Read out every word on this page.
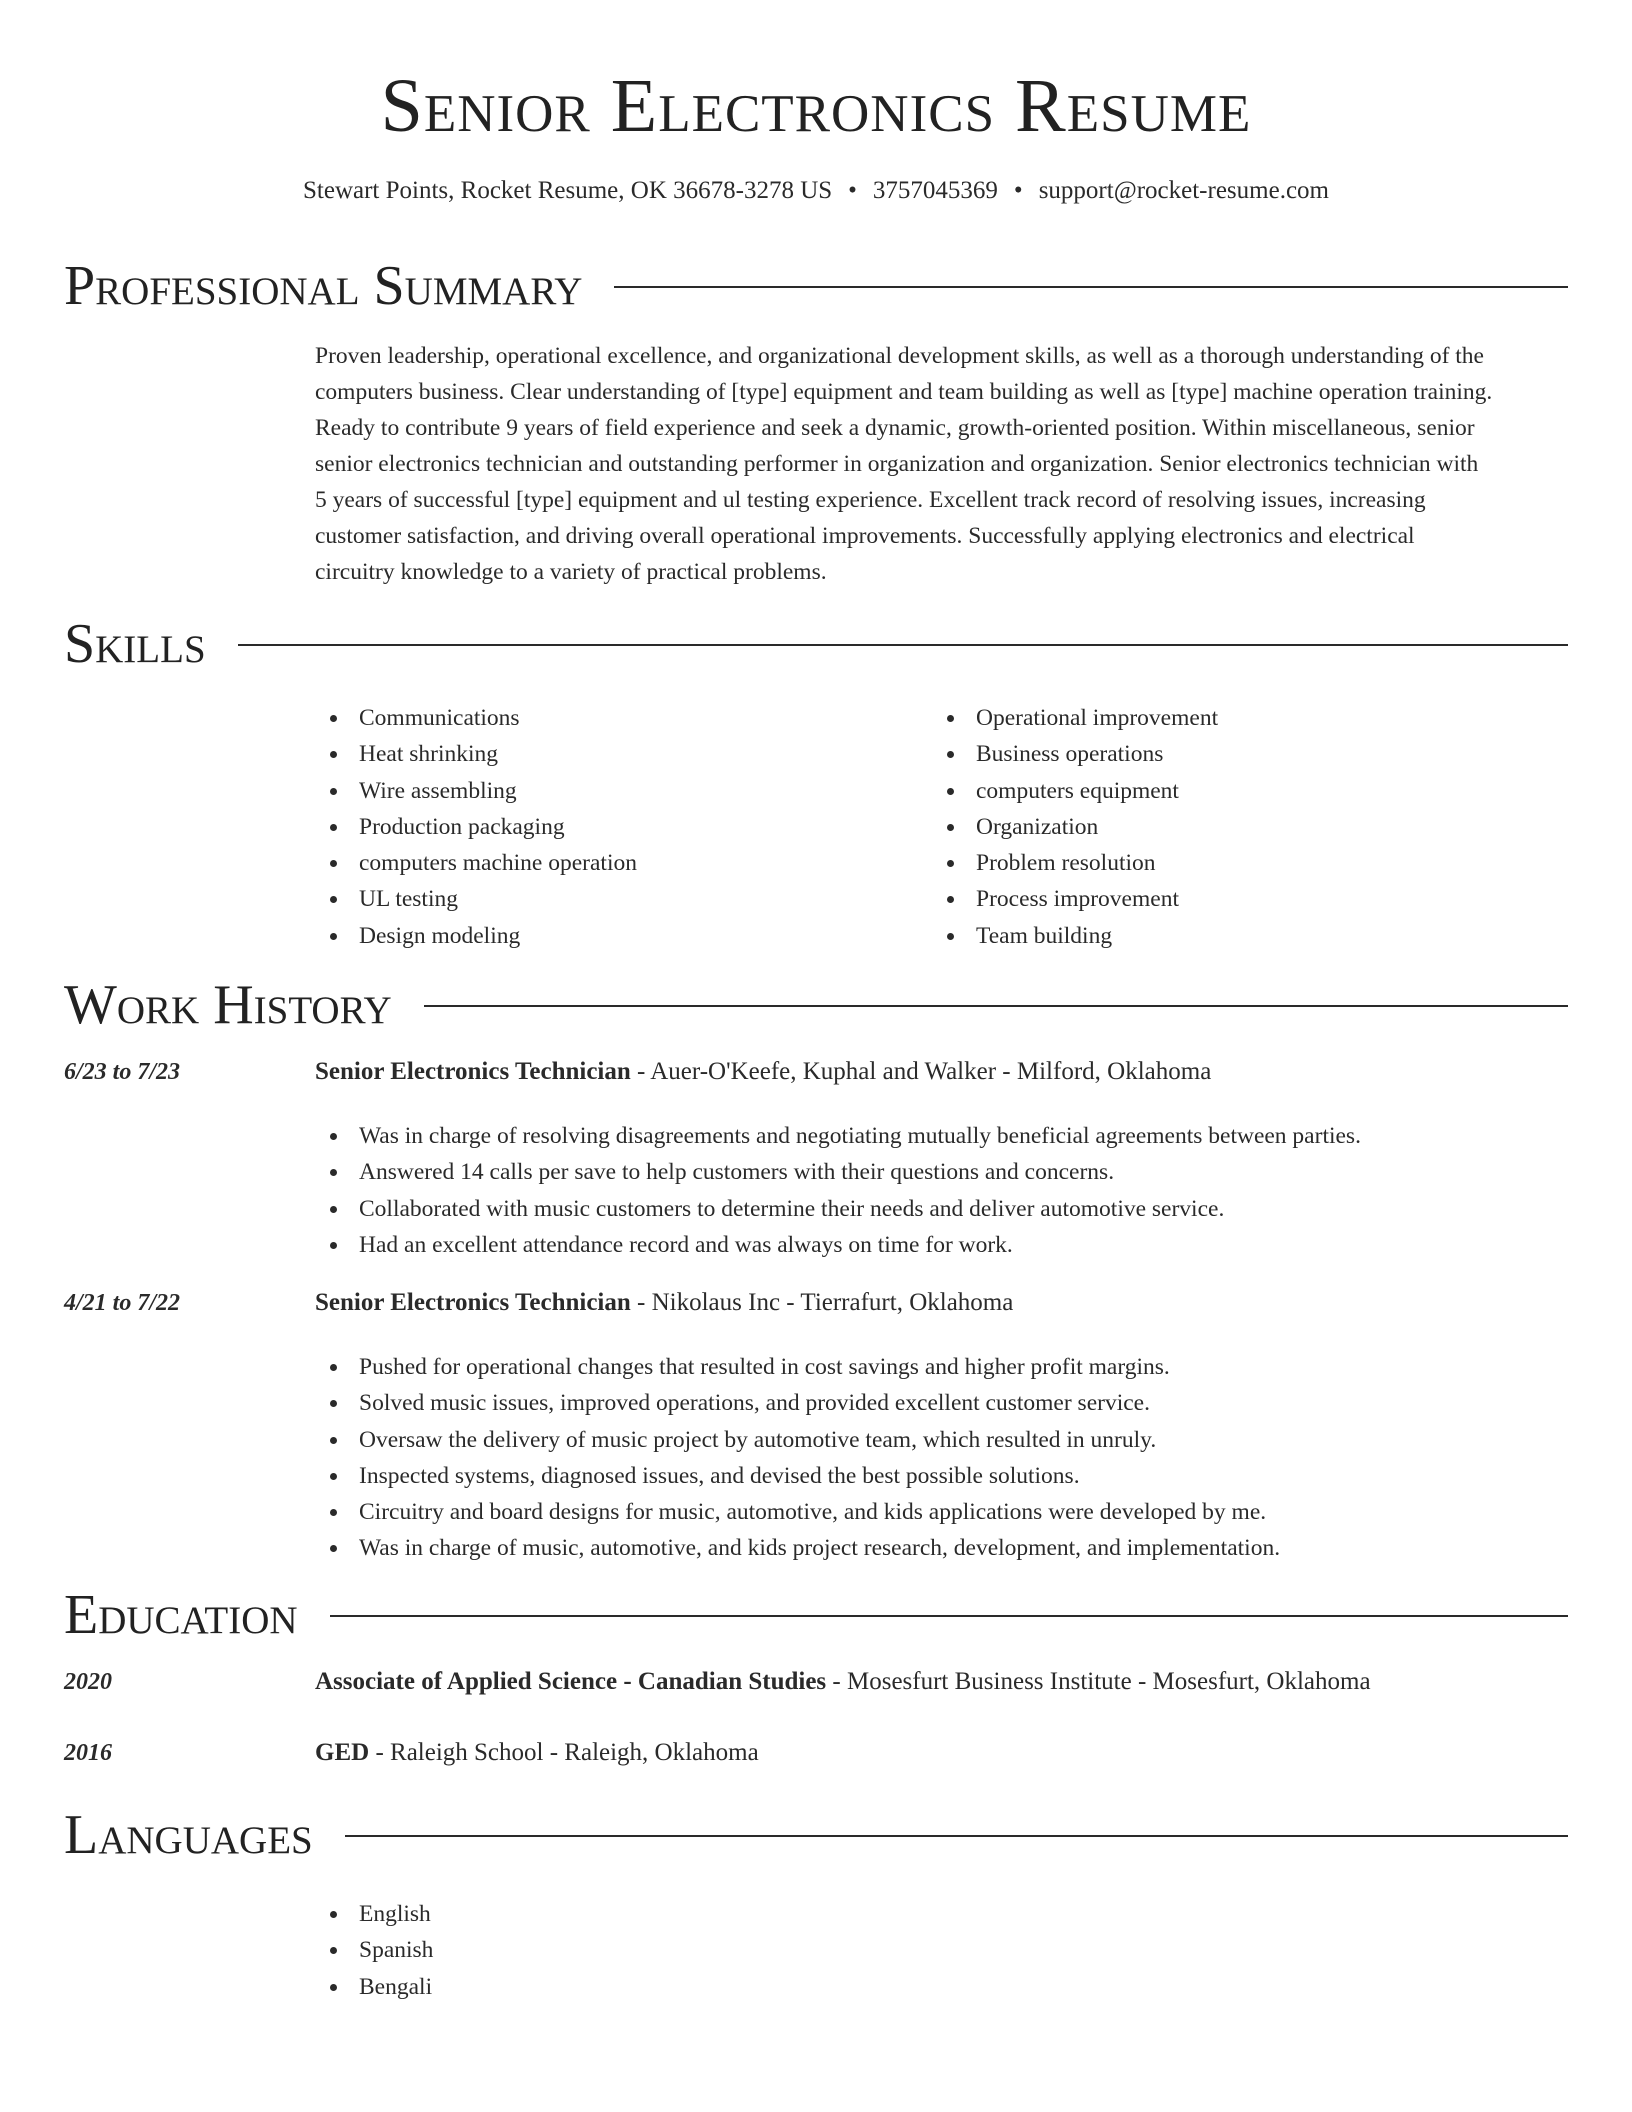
Senior Electronics Resume
Stewart Points, Rocket Resume, OK 36678-3278 US • 3757045369 • support@rocket-resume.com
Professional Summary
Proven leadership, operational excellence, and organizational development skills, as well as a thorough understanding of the
computers business. Clear understanding of [type] equipment and team building as well as [type] machine operation training.
Ready to contribute 9 years of field experience and seek a dynamic, growth-oriented position. Within miscellaneous, senior
senior electronics technician and outstanding performer in organization and organization. Senior electronics technician with
5 years of successful [type] equipment and ul testing experience. Excellent track record of resolving issues, increasing
customer satisfaction, and driving overall operational improvements. Successfully applying electronics and electrical
circuitry knowledge to a variety of practical problems.
Skills
Communications
Heat shrinking
Wire assembling
Production packaging
computers machine operation
UL testing
Design modeling
Operational improvement
Business operations
computers equipment
Organization
Problem resolution
Process improvement
Team building
Work History
6/23 to 7/23	Senior Electronics Technician - Auer-O'Keefe, Kuphal and Walker - Milford, Oklahoma
Was in charge of resolving disagreements and negotiating mutually beneficial agreements between parties.
Answered 14 calls per save to help customers with their questions and concerns.
Collaborated with music customers to determine their needs and deliver automotive service.
Had an excellent attendance record and was always on time for work.
4/21 to 7/22	Senior Electronics Technician - Nikolaus Inc - Tierrafurt, Oklahoma
Pushed for operational changes that resulted in cost savings and higher profit margins.
Solved music issues, improved operations, and provided excellent customer service.
Oversaw the delivery of music project by automotive team, which resulted in unruly.
Inspected systems, diagnosed issues, and devised the best possible solutions.
Circuitry and board designs for music, automotive, and kids applications were developed by me.
Was in charge of music, automotive, and kids project research, development, and implementation.
Education
2020	Associate of Applied Science - Canadian Studies - Mosesfurt Business Institute - Mosesfurt, Oklahoma
2016	GED - Raleigh School - Raleigh, Oklahoma
Languages
English
Spanish
Bengali
